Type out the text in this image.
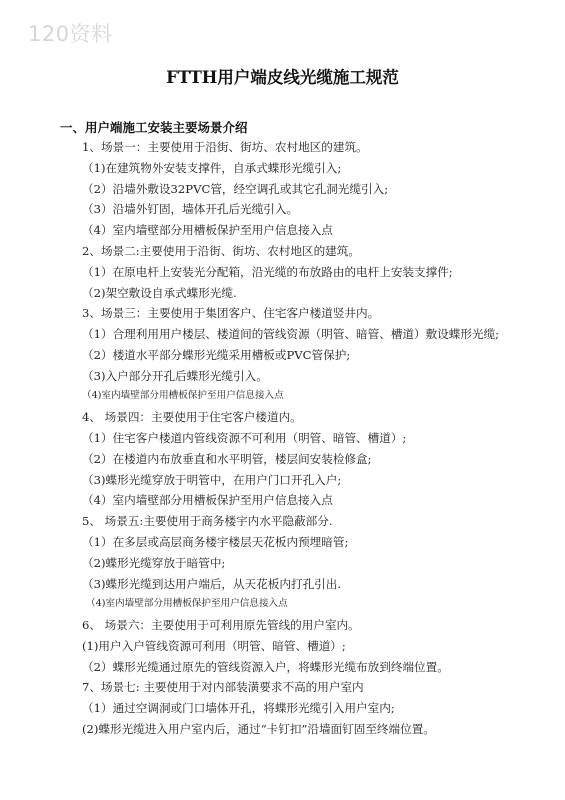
120资料
FTTH用户端皮线光缆施工规范
一、用户端施工安装主要场景介绍
1、场景一：主要使用于沿街、街坊、农村地区的建筑。
（1)在建筑物外安装支撑件，自承式蝶形光缆引入;
（2）沿墙外敷设32PVC管，经空调孔或其它孔洞光缆引入;
（3）沿墙外钉固，墙体开孔后光缆引入。
（4）室内墙壁部分用槽板保护至用户信息接入点
2、场景二:主要使用于沿街、街坊、农村地区的建筑。
（1）在原电杆上安装光分配箱，沿光缆的布放路由的电杆上安装支撑件;
（2)架空敷设自承式蝶形光缆.
3、场景三：主要使用于集团客户、住宅客户楼道竖井内。
（1）合理利用用户楼层、楼道间的管线资源（明管、暗管、槽道）敷设蝶形光缆;
（2）楼道水平部分蝶形光缆采用槽板或PVC管保护;
（3)入户部分开孔后蝶形光缆引入。
（4)室内墙壁部分用槽板保护至用户信息接入点
4、 场景四：主要使用于住宅客户楼道内。
（1）住宅客户楼道内管线资源不可利用（明管、暗管、槽道）;
（2）在楼道内布放垂直和水平明管，楼层间安装检修盒;
（3)蝶形光缆穿放于明管中，在用户门口开孔入户;
（4）室内墙壁部分用槽板保护至用户信息接入点
5、 场景五:主要使用于商务楼宇内水平隐蔽部分.
（1）在多层或高层商务楼宇楼层天花板内预埋暗管;
（2)蝶形光缆穿放于暗管中;
（3)蝶形光缆到达用户端后，从天花板内打孔引出.
（4)室内墙壁部分用槽板保护至用户信息接入点
6、 场景六：主要使用于可利用原先管线的用户室内。
(1)用户入户管线资源可利用（明管、暗管、槽道）;
（2）蝶形光缆通过原先的管线资源入户，将蝶形光缆布放到终端位置。
7、场景七: 主要使用于对内部装潢要求不高的用户室内
（1）通过空调洞或门口墙体开孔，将蝶形光缆引入用户室内;
(2)蝶形光缆进入用户室内后，通过“卡钉扣”沿墙面钉固至终端位置。
